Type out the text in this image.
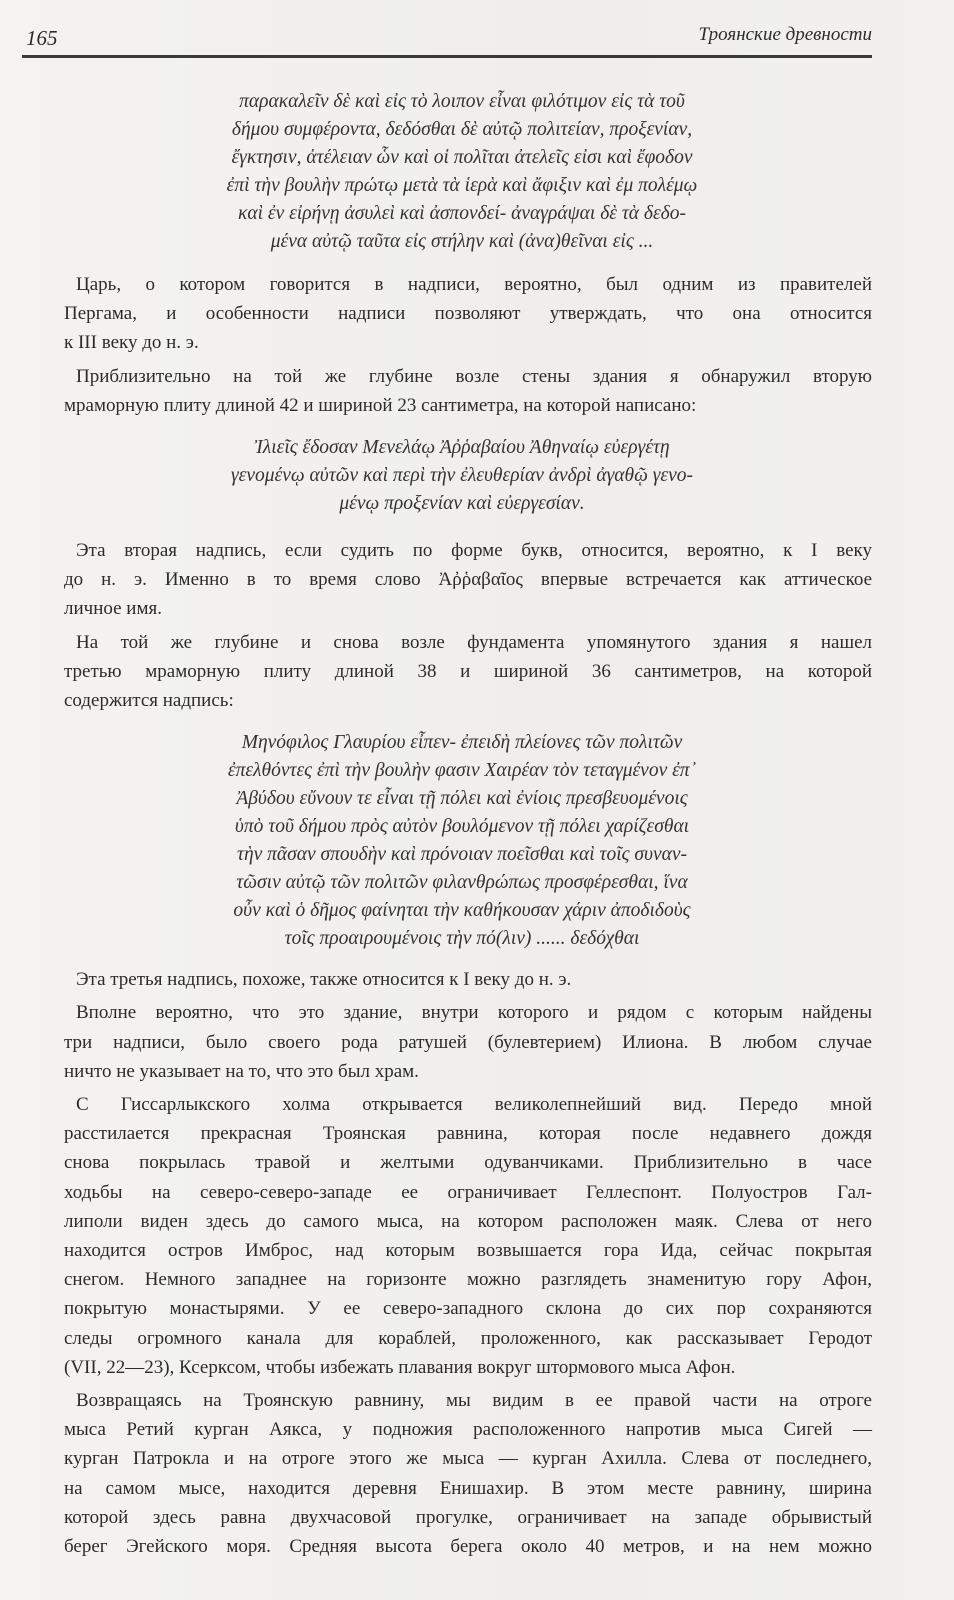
165	Троянские древности
παρακαλεῖν δὲ καὶ εἰς τὸ λοιπον εἶναι φιλότιμον εἰς τὰ τοῦ
δήμου συμφέροντα, δεδόσθαι δὲ αὐτῷ πολιτείαν, προξενίαν,
ἔγκτησιν, ἀτέλειαν ὧν καὶ οἱ πολῖται ἀτελεῖς εἰσι καὶ ἔφοδον
ἐπὶ τὴν βουλὴν πρώτῳ μετὰ τὰ ἱερὰ καὶ ἄφιξιν καὶ ἐμ πολέμῳ
καὶ ἐν εἰρήνῃ ἀσυλεὶ καὶ ἀσπονδεί- ἀναγράψαι δὲ τὰ δεδο-
μένα αὐτῷ ταῦτα εἰς στήλην καὶ (ἀνα)θεῖναι εἰς ...
Царь, о котором говорится в надписи, вероятно, был одним из правителей
Пергама, и особенности надписи позволяют утверждать, что она относится
к III веку до н. э.
Приблизительно на той же глубине возле стены здания я обнаружил вторую
мраморную плиту длиной 42 и шириной 23 сантиметра, на которой написано:
Ἰλιεῖς ἔδοσαν Μενελάῳ Ἀῤῥαβαίου Ἀθηναίῳ εὐεργέτῃ
γενομένῳ αὐτῶν καὶ περὶ τὴν ἐλευθερίαν ἀνδρὶ ἀγαθῷ γενο-
μένῳ προξενίαν καὶ εὐεργεσίαν.
Эта вторая надпись, если судить по форме букв, относится, вероятно, к I веку
до н. э. Именно в то время слово Ἀῤῥαβαῖος впервые встречается как аттическое
личное имя.
На той же глубине и снова возле фундамента упомянутого здания я нашел
третью мраморную плиту длиной 38 и шириной 36 сантиметров, на которой
содержится надпись:
Μηνόφιλος Γλαυρίου εἶπεν- ἐπειδὴ πλείονες τῶν πολιτῶν
ἐπελθόντες ἐπὶ τὴν βουλὴν φασιν Χαιρέαν τὸν τεταγμένον ἐπ᾽
Ἀβύδου εὔνουν τε εἶναι τῇ πόλει καὶ ἐνίοις πρεσβευομένοις
ὑπὸ τοῦ δήμου πρὸς αὐτὸν βουλόμενον τῇ πόλει χαρίζεσθαι
τὴν πᾶσαν σπουδὴν καὶ πρόνοιαν ποεῖσθαι καὶ τοῖς συναν-
τῶσιν αὐτῷ τῶν πολιτῶν φιλανθρώπως προσφέρεσθαι, ἵνα
οὖν καὶ ὁ δῆμος φαίνηται τὴν καθήκουσαν χάριν ἀποδιδοὺς
τοῖς προαιρουμένοις τὴν πό(λιν) ...... δεδόχθαι
Эта третья надпись, похоже, также относится к I веку до н. э.
Вполне вероятно, что это здание, внутри которого и рядом с которым найдены
три надписи, было своего рода ратушей (булевтерием) Илиона. В любом случае
ничто не указывает на то, что это был храм.
С Гиссарлыкского холма открывается великолепнейший вид. Передо мной
расстилается прекрасная Троянская равнина, которая после недавнего дождя
снова покрылась травой и желтыми одуванчиками. Приблизительно в часе
ходьбы на северо-северо-западе ее ограничивает Геллеспонт. Полуостров Гал-
липоли виден здесь до самого мыса, на котором расположен маяк. Слева от него
находится остров Имброс, над которым возвышается гора Ида, сейчас покрытая
снегом. Немного западнее на горизонте можно разглядеть знаменитую гору Афон,
покрытую монастырями. У ее северо-западного склона до сих пор сохраняются
следы огромного канала для кораблей, проложенного, как рассказывает Геродот
(VII, 22—23), Ксерксом, чтобы избежать плавания вокруг штормового мыса Афон.
Возвращаясь на Троянскую равнину, мы видим в ее правой части на отроге
мыса Ретий курган Аякса, у подножия расположенного напротив мыса Сигей —
курган Патрокла и на отроге этого же мыса — курган Ахилла. Слева от последнего,
на самом мысе, находится деревня Енишахир. В этом месте равнину, ширина
которой здесь равна двухчасовой прогулке, ограничивает на западе обрывистый
берег Эгейского моря. Средняя высота берега около 40 метров, и на нем можно
